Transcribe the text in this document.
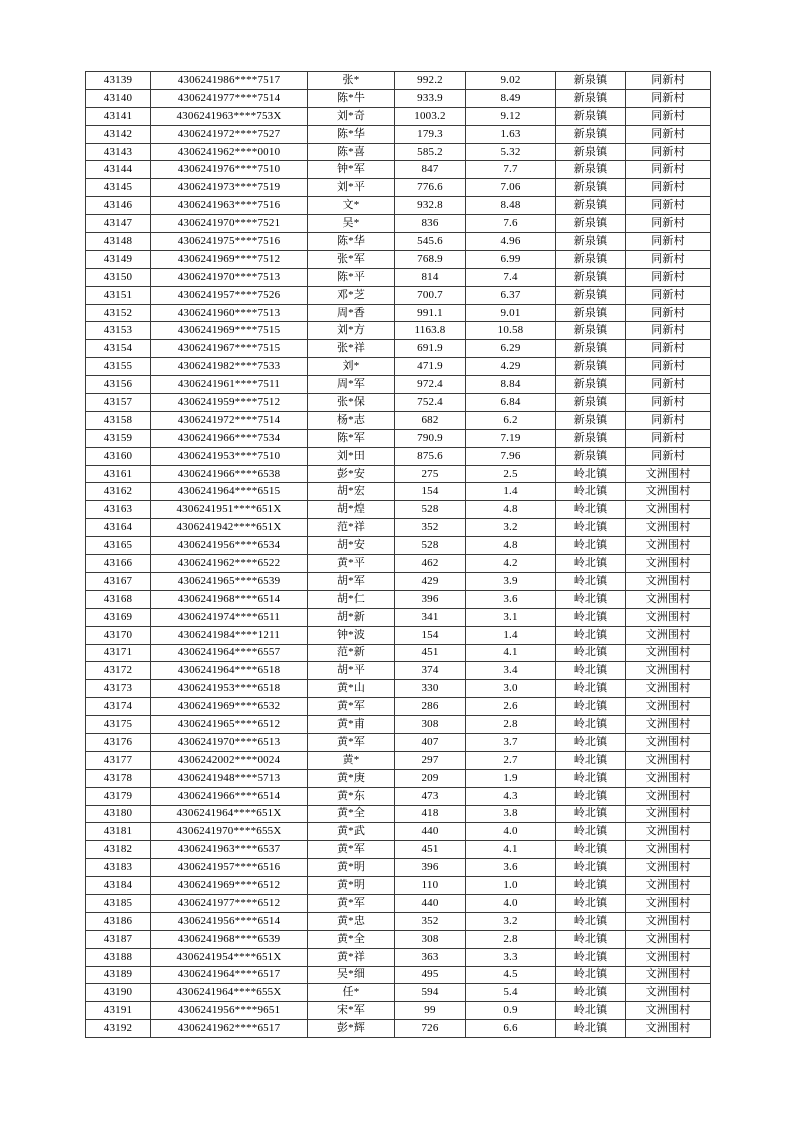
43139	4306241986****7517	张*	992.2	9.02	新泉镇	同新村
43140	4306241977****7514	陈*牛	933.9	8.49	新泉镇	同新村
43141	4306241963****753X	刘*奇	1003.2	9.12	新泉镇	同新村
43142	4306241972****7527	陈*华	179.3	1.63	新泉镇	同新村
43143	4306241962****0010	陈*喜	585.2	5.32	新泉镇	同新村
43144	4306241976****7510	钟*军	847	7.7	新泉镇	同新村
43145	4306241973****7519	刘*平	776.6	7.06	新泉镇	同新村
43146	4306241963****7516	文*	932.8	8.48	新泉镇	同新村
43147	4306241970****7521	吴*	836	7.6	新泉镇	同新村
43148	4306241975****7516	陈*华	545.6	4.96	新泉镇	同新村
43149	4306241969****7512	张*军	768.9	6.99	新泉镇	同新村
43150	4306241970****7513	陈*平	814	7.4	新泉镇	同新村
43151	4306241957****7526	邓*芝	700.7	6.37	新泉镇	同新村
43152	4306241960****7513	周*香	991.1	9.01	新泉镇	同新村
43153	4306241969****7515	刘*方	1163.8	10.58	新泉镇	同新村
43154	4306241967****7515	张*祥	691.9	6.29	新泉镇	同新村
43155	4306241982****7533	刘*	471.9	4.29	新泉镇	同新村
43156	4306241961****7511	周*军	972.4	8.84	新泉镇	同新村
43157	4306241959****7512	张*保	752.4	6.84	新泉镇	同新村
43158	4306241972****7514	杨*志	682	6.2	新泉镇	同新村
43159	4306241966****7534	陈*军	790.9	7.19	新泉镇	同新村
43160	4306241953****7510	刘*田	875.6	7.96	新泉镇	同新村
43161	4306241966****6538	彭*安	275	2.5	岭北镇	文洲围村
43162	4306241964****6515	胡*宏	154	1.4	岭北镇	文洲围村
43163	4306241951****651X	胡*煌	528	4.8	岭北镇	文洲围村
43164	4306241942****651X	范*祥	352	3.2	岭北镇	文洲围村
43165	4306241956****6534	胡*安	528	4.8	岭北镇	文洲围村
43166	4306241962****6522	黄*平	462	4.2	岭北镇	文洲围村
43167	4306241965****6539	胡*军	429	3.9	岭北镇	文洲围村
43168	4306241968****6514	胡*仁	396	3.6	岭北镇	文洲围村
43169	4306241974****6511	胡*新	341	3.1	岭北镇	文洲围村
43170	4306241984****1211	钟*波	154	1.4	岭北镇	文洲围村
43171	4306241964****6557	范*新	451	4.1	岭北镇	文洲围村
43172	4306241964****6518	胡*平	374	3.4	岭北镇	文洲围村
43173	4306241953****6518	黄*山	330	3.0	岭北镇	文洲围村
43174	4306241969****6532	黄*军	286	2.6	岭北镇	文洲围村
43175	4306241965****6512	黄*甫	308	2.8	岭北镇	文洲围村
43176	4306241970****6513	黄*军	407	3.7	岭北镇	文洲围村
43177	4306242002****0024	黄*	297	2.7	岭北镇	文洲围村
43178	4306241948****5713	黄*庚	209	1.9	岭北镇	文洲围村
43179	4306241966****6514	黄*东	473	4.3	岭北镇	文洲围村
43180	4306241964****651X	黄*全	418	3.8	岭北镇	文洲围村
43181	4306241970****655X	黄*武	440	4.0	岭北镇	文洲围村
43182	4306241963****6537	黄*军	451	4.1	岭北镇	文洲围村
43183	4306241957****6516	黄*明	396	3.6	岭北镇	文洲围村
43184	4306241969****6512	黄*明	110	1.0	岭北镇	文洲围村
43185	4306241977****6512	黄*军	440	4.0	岭北镇	文洲围村
43186	4306241956****6514	黄*忠	352	3.2	岭北镇	文洲围村
43187	4306241968****6539	黄*全	308	2.8	岭北镇	文洲围村
43188	4306241954****651X	黄*祥	363	3.3	岭北镇	文洲围村
43189	4306241964****6517	吴*细	495	4.5	岭北镇	文洲围村
43190	4306241964****655X	任*	594	5.4	岭北镇	文洲围村
43191	4306241956****9651	宋*军	99	0.9	岭北镇	文洲围村
43192	4306241962****6517	彭*辉	726	6.6	岭北镇	文洲围村
